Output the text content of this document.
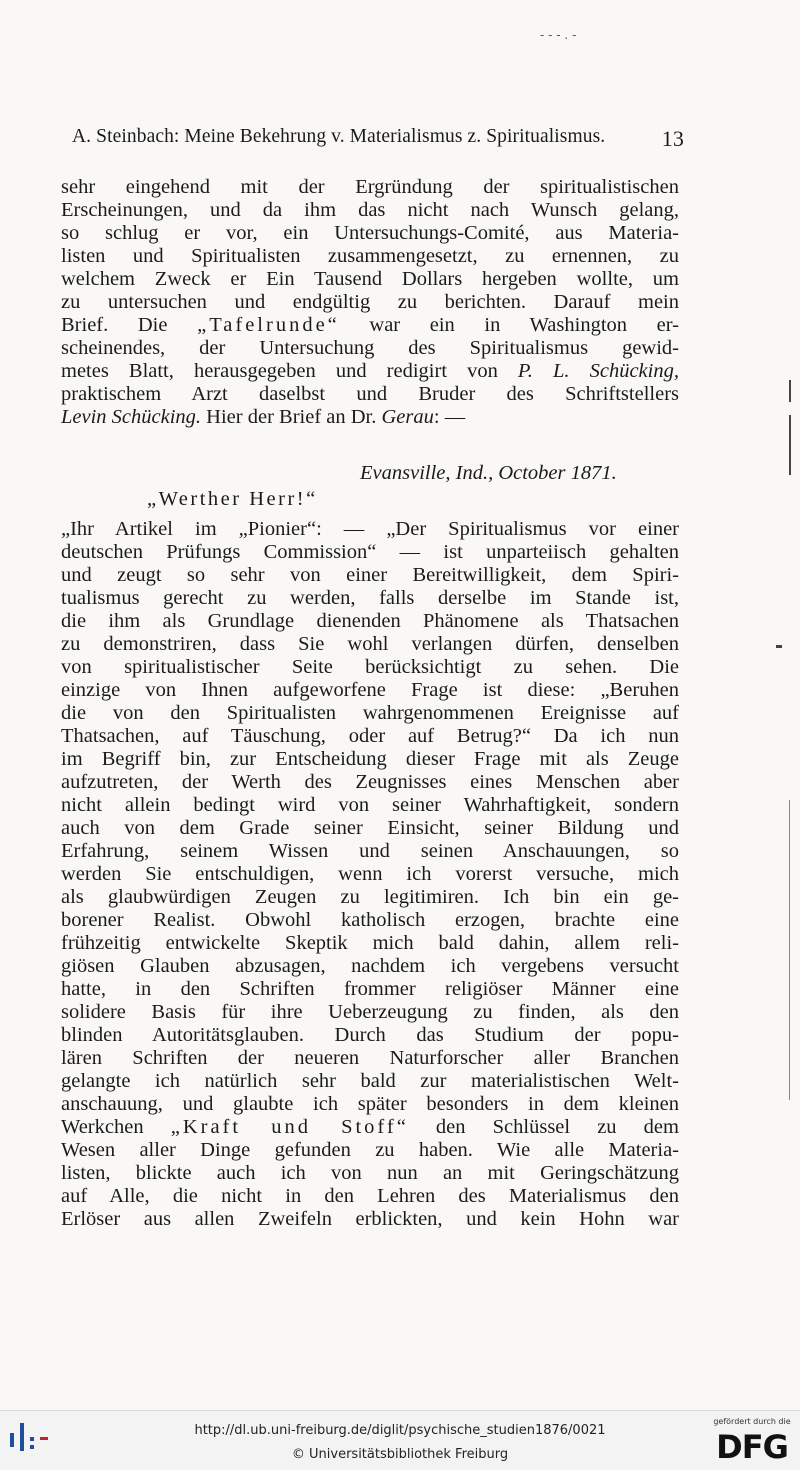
- - - . -
A. Steinbach: Meine Bekehrung v. Materialismus z. Spiritualismus.	13
sehr eingehend mit der Ergründung der spiritualistischen
Erscheinungen, und da ihm das nicht nach Wunsch gelang,
so schlug er vor, ein Untersuchungs-Comité, aus Materia-
listen und Spiritualisten zusammengesetzt, zu ernennen, zu
welchem Zweck er Ein Tausend Dollars hergeben wollte, um
zu untersuchen und endgültig zu berichten. Darauf mein
Brief. Die „Tafelrunde“ war ein in Washington er-
scheinendes, der Untersuchung des Spiritualismus gewid-
metes Blatt, herausgegeben und redigirt von P. L. Schücking,
praktischem Arzt daselbst und Bruder des Schriftstellers
Levin Schücking. Hier der Brief an Dr. Gerau: —
Evansville, Ind., October 1871.
„Werther Herr!“
„Ihr Artikel im „Pionier“: — „Der Spiritualismus vor einer
deutschen Prüfungs Commission“ — ist unparteiisch gehalten
und zeugt so sehr von einer Bereitwilligkeit, dem Spiri-
tualismus gerecht zu werden, falls derselbe im Stande ist,
die ihm als Grundlage dienenden Phänomene als Thatsachen
zu demonstriren, dass Sie wohl verlangen dürfen, denselben
von spiritualistischer Seite berücksichtigt zu sehen. Die
einzige von Ihnen aufgeworfene Frage ist diese: „Beruhen
die von den Spiritualisten wahrgenommenen Ereignisse auf
Thatsachen, auf Täuschung, oder auf Betrug?“ Da ich nun
im Begriff bin, zur Entscheidung dieser Frage mit als Zeuge
aufzutreten, der Werth des Zeugnisses eines Menschen aber
nicht allein bedingt wird von seiner Wahrhaftigkeit, sondern
auch von dem Grade seiner Einsicht, seiner Bildung und
Erfahrung, seinem Wissen und seinen Anschauungen, so
werden Sie entschuldigen, wenn ich vorerst versuche, mich
als glaubwürdigen Zeugen zu legitimiren. Ich bin ein ge-
borener Realist. Obwohl katholisch erzogen, brachte eine
frühzeitig entwickelte Skeptik mich bald dahin, allem reli-
giösen Glauben abzusagen, nachdem ich vergebens versucht
hatte, in den Schriften frommer religiöser Männer eine
solidere Basis für ihre Ueberzeugung zu finden, als den
blinden Autoritätsglauben. Durch das Studium der popu-
lären Schriften der neueren Naturforscher aller Branchen
gelangte ich natürlich sehr bald zur materialistischen Welt-
anschauung, und glaubte ich später besonders in dem kleinen
Werkchen „Kraft und Stoff“ den Schlüssel zu dem
Wesen aller Dinge gefunden zu haben. Wie alle Materia-
listen, blickte auch ich von nun an mit Geringschätzung
auf Alle, die nicht in den Lehren des Materialismus den
Erlöser aus allen Zweifeln erblickten, und kein Hohn war
http://dl.ub.uni-freiburg.de/diglit/psychische_studien1876/0021
© Universitätsbibliothek Freiburg
gefördert durch die
DFG
